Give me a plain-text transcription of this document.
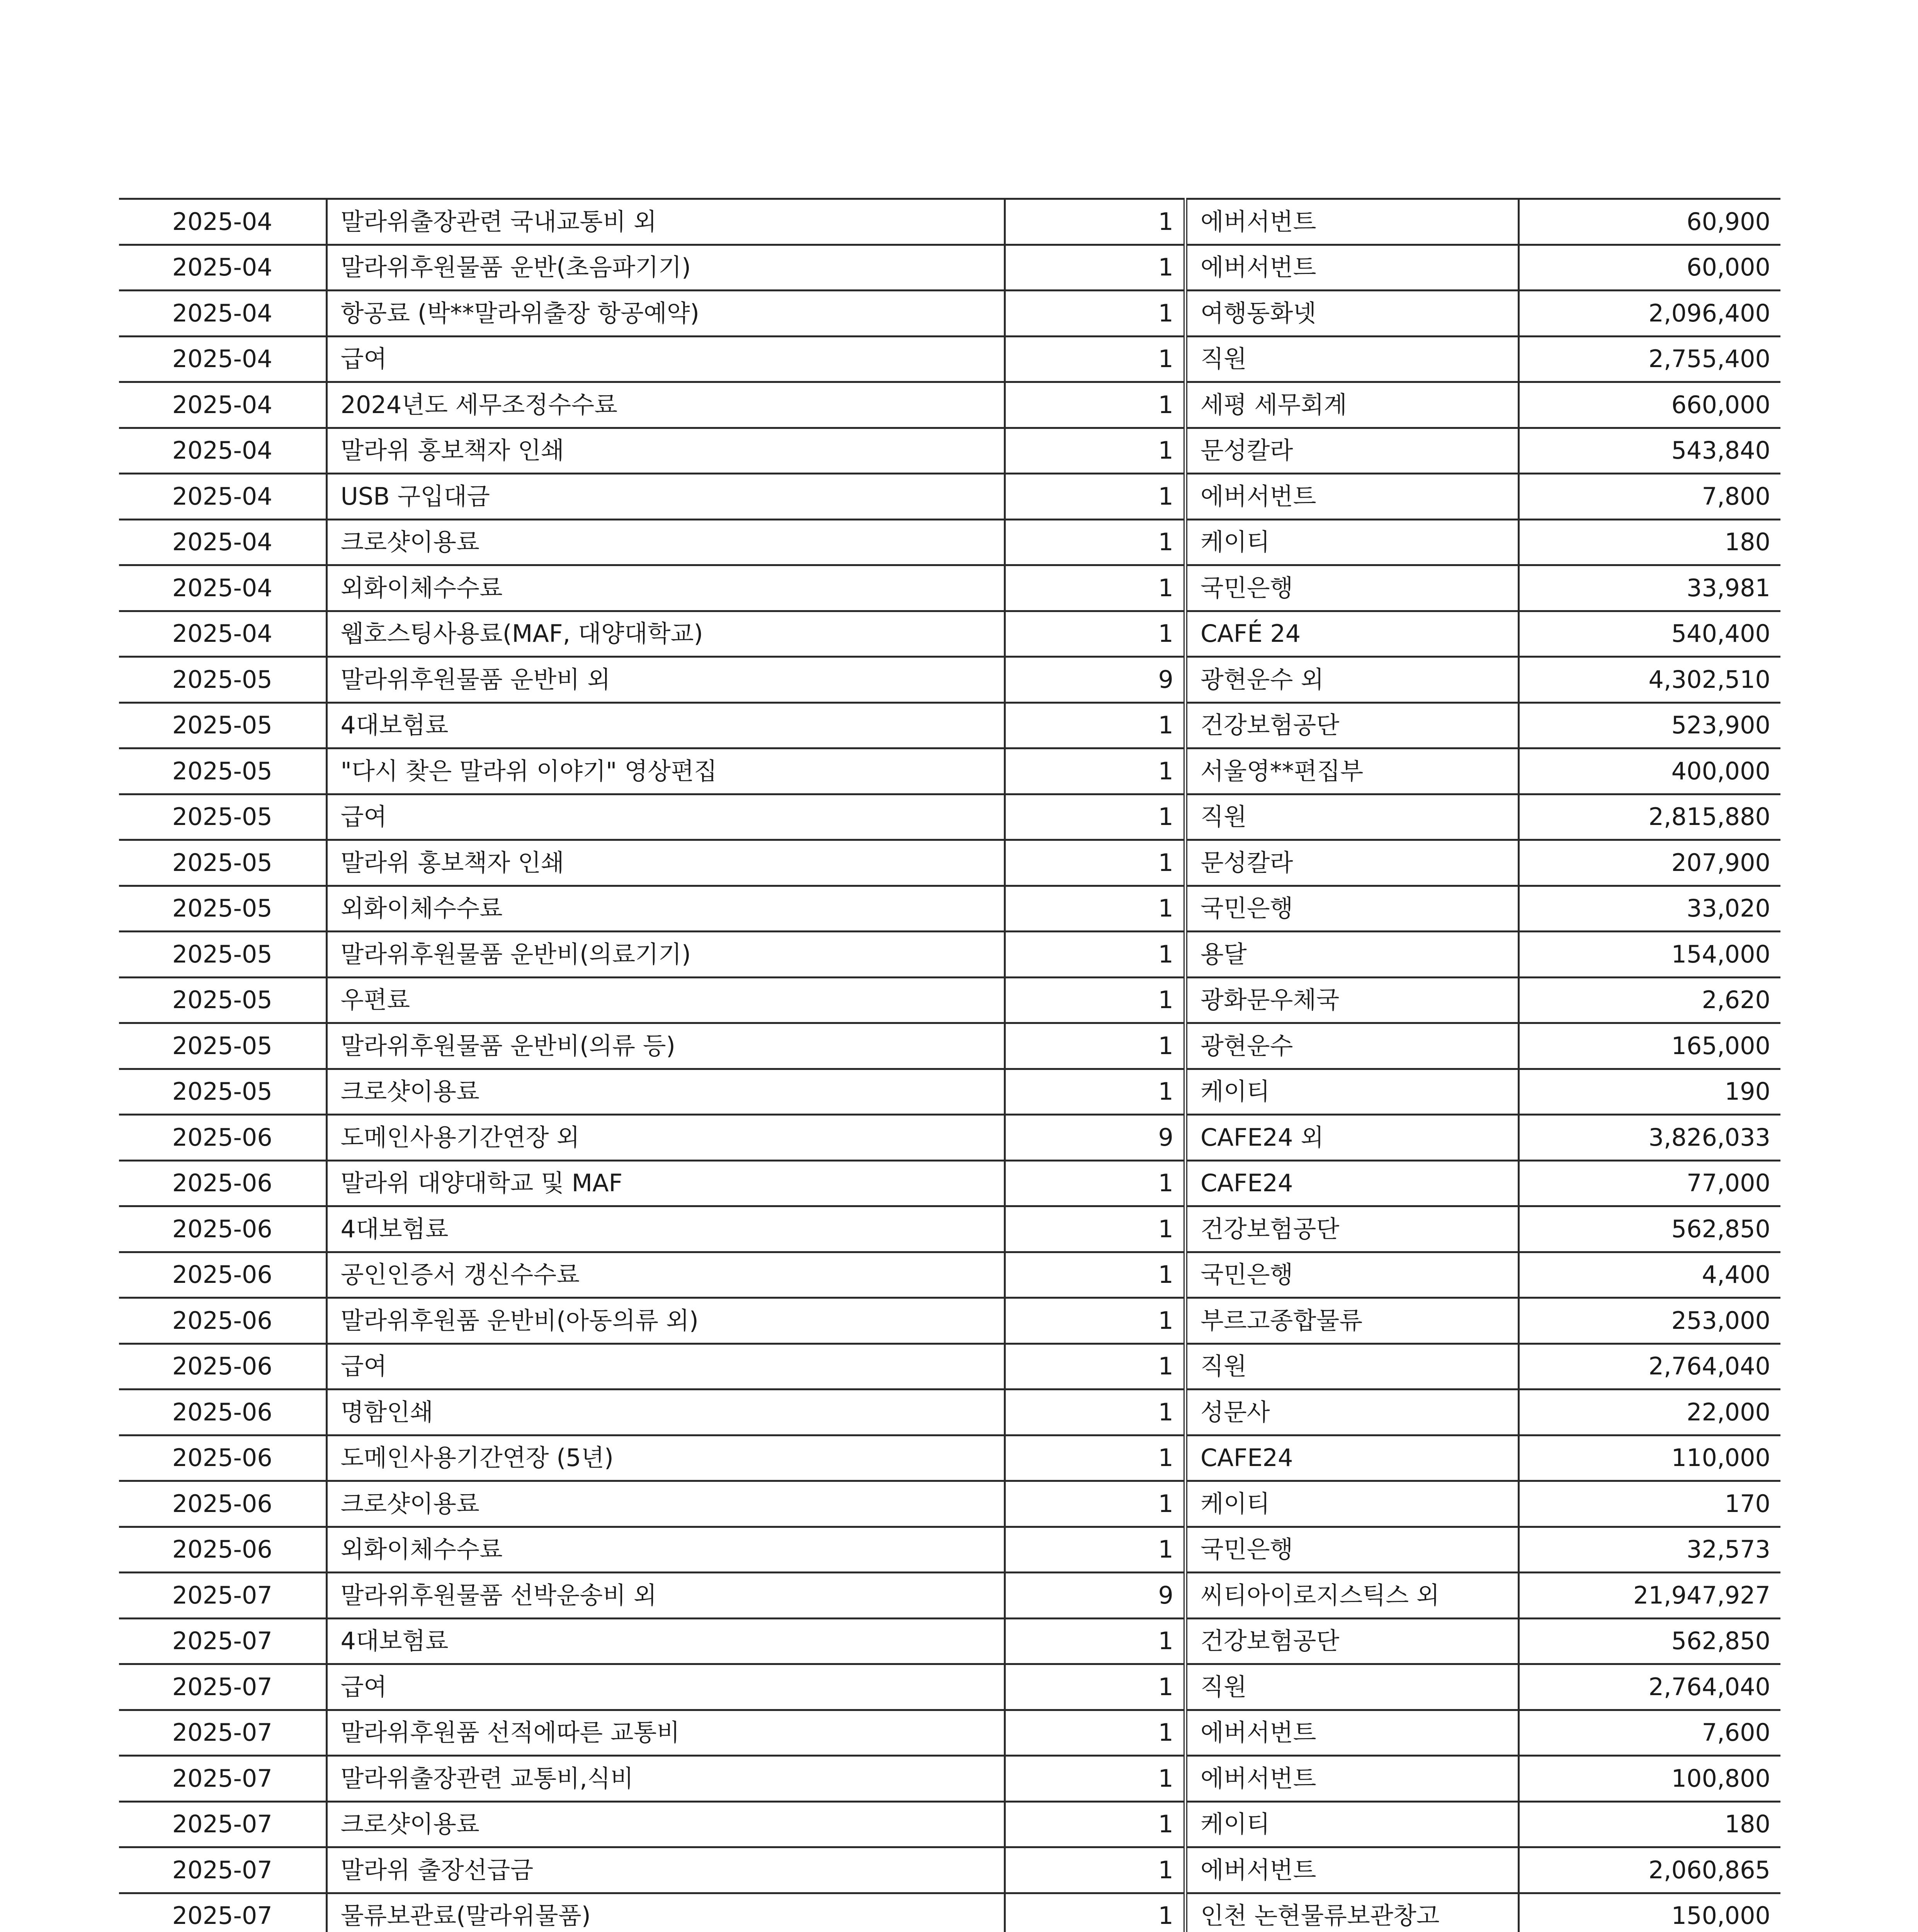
2025-04	말라위출장관련 국내교통비 외	1	에버서번트	60,900
2025-04	말라위후원물품 운반(초음파기기)	1	에버서번트	60,000
2025-04	항공료 (박**말라위출장 항공예약)	1	여행동화넷	2,096,400
2025-04	급여	1	직원	2,755,400
2025-04	2024년도 세무조정수수료	1	세평 세무회계	660,000
2025-04	말라위 홍보책자 인쇄	1	문성칼라	543,840
2025-04	USB 구입대금	1	에버서번트	7,800
2025-04	크로샷이용료	1	케이티	180
2025-04	외화이체수수료	1	국민은행	33,981
2025-04	웹호스팅사용료(MAF, 대양대학교)	1	CAFÉ 24	540,400
2025-05	말라위후원물품 운반비 외	9	광현운수 외	4,302,510
2025-05	4대보험료	1	건강보험공단	523,900
2025-05	"다시 찾은 말라위 이야기" 영상편집	1	서울영**편집부	400,000
2025-05	급여	1	직원	2,815,880
2025-05	말라위 홍보책자 인쇄	1	문성칼라	207,900
2025-05	외화이체수수료	1	국민은행	33,020
2025-05	말라위후원물품 운반비(의료기기)	1	용달	154,000
2025-05	우편료	1	광화문우체국	2,620
2025-05	말라위후원물품 운반비(의류 등)	1	광현운수	165,000
2025-05	크로샷이용료	1	케이티	190
2025-06	도메인사용기간연장 외	9	CAFE24 외	3,826,033
2025-06	말라위 대양대학교 및 MAF	1	CAFE24	77,000
2025-06	4대보험료	1	건강보험공단	562,850
2025-06	공인인증서 갱신수수료	1	국민은행	4,400
2025-06	말라위후원품 운반비(아동의류 외)	1	부르고종합물류	253,000
2025-06	급여	1	직원	2,764,040
2025-06	명함인쇄	1	성문사	22,000
2025-06	도메인사용기간연장 (5년)	1	CAFE24	110,000
2025-06	크로샷이용료	1	케이티	170
2025-06	외화이체수수료	1	국민은행	32,573
2025-07	말라위후원물품 선박운송비 외	9	씨티아이로지스틱스 외	21,947,927
2025-07	4대보험료	1	건강보험공단	562,850
2025-07	급여	1	직원	2,764,040
2025-07	말라위후원품 선적에따른 교통비	1	에버서번트	7,600
2025-07	말라위출장관련 교통비,식비	1	에버서번트	100,800
2025-07	크로샷이용료	1	케이티	180
2025-07	말라위 출장선급금	1	에버서번트	2,060,865
2025-07	물류보관료(말라위물품)	1	인천 논현물류보관창고	150,000
